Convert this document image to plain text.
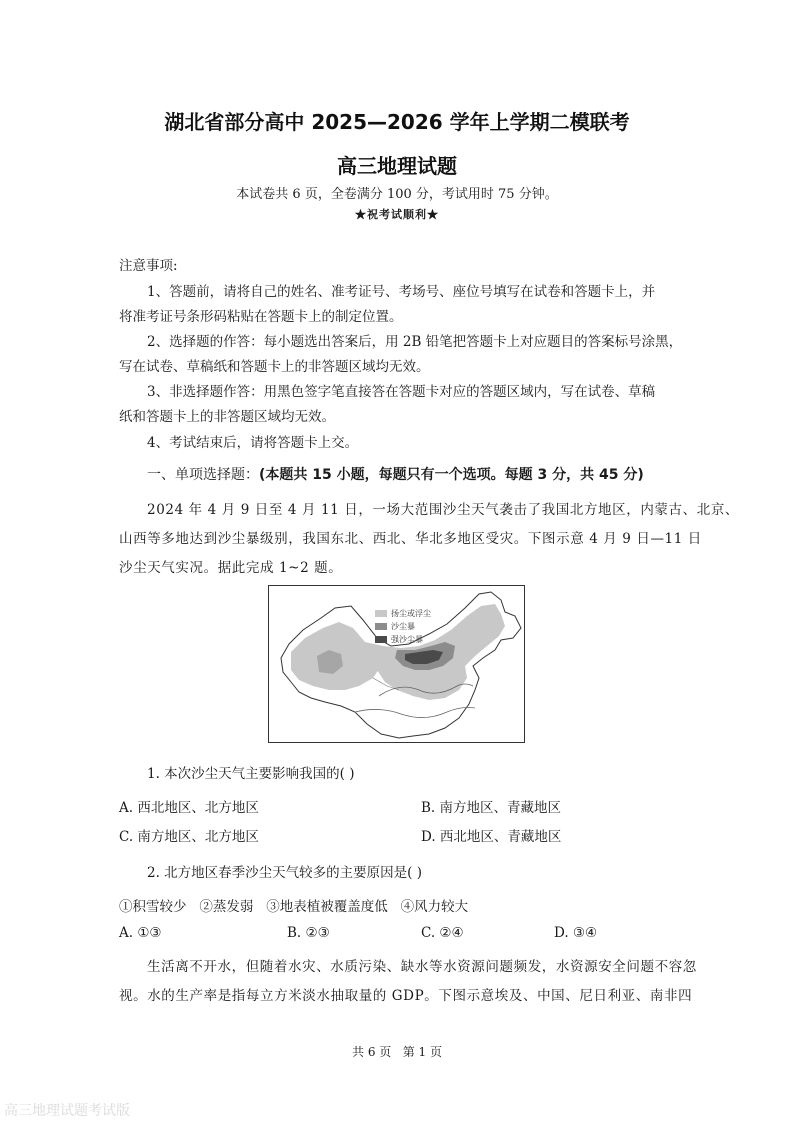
湖北省部分高中 2025—2026 学年上学期二模联考
高三地理试题
本试卷共 6 页，全卷满分 100 分，考试用时 75 分钟。
★祝考试顺利★
注意事项:
1、答题前，请将自己的姓名、准考证号、考场号、座位号填写在试卷和答题卡上，并
将准考证号条形码粘贴在答题卡上的制定位置。
2、选择题的作答：每小题选出答案后，用 2B 铅笔把答题卡上对应题目的答案标号涂黑，
写在试卷、草稿纸和答题卡上的非答题区域均无效。
3、非选择题作答：用黑色签字笔直接答在答题卡对应的答题区域内，写在试卷、草稿
纸和答题卡上的非答题区域均无效。
4、考试结束后，请将答题卡上交。
一、单项选择题：(本题共 15 小题，每题只有一个选项。每题 3 分，共 45 分)
2024 年 4 月 9 日至 4 月 11 日，一场大范围沙尘天气袭击了我国北方地区，内蒙古、北京、
山西等多地达到沙尘暴级别，我国东北、西北、华北多地区受灾。下图示意 4 月 9 日—11 日
沙尘天气实况。据此完成 1~2 题。
扬尘或浮尘
沙尘暴
强沙尘暴
1. 本次沙尘天气主要影响我国的( )
A. 西北地区、北方地区	B. 南方地区、青藏地区
C. 南方地区、北方地区	D. 西北地区、青藏地区
2. 北方地区春季沙尘天气较多的主要原因是( )
①积雪较少   ②蒸发弱   ③地表植被覆盖度低   ④风力较大
A. ①③	B. ②③	C. ②④	D. ③④
生活离不开水，但随着水灾、水质污染、缺水等水资源问题频发，水资源安全问题不容忽
视。水的生产率是指每立方米淡水抽取量的 GDP。下图示意埃及、中国、尼日利亚、南非四
共 6 页   第 1 页
高三地理试题考试版
